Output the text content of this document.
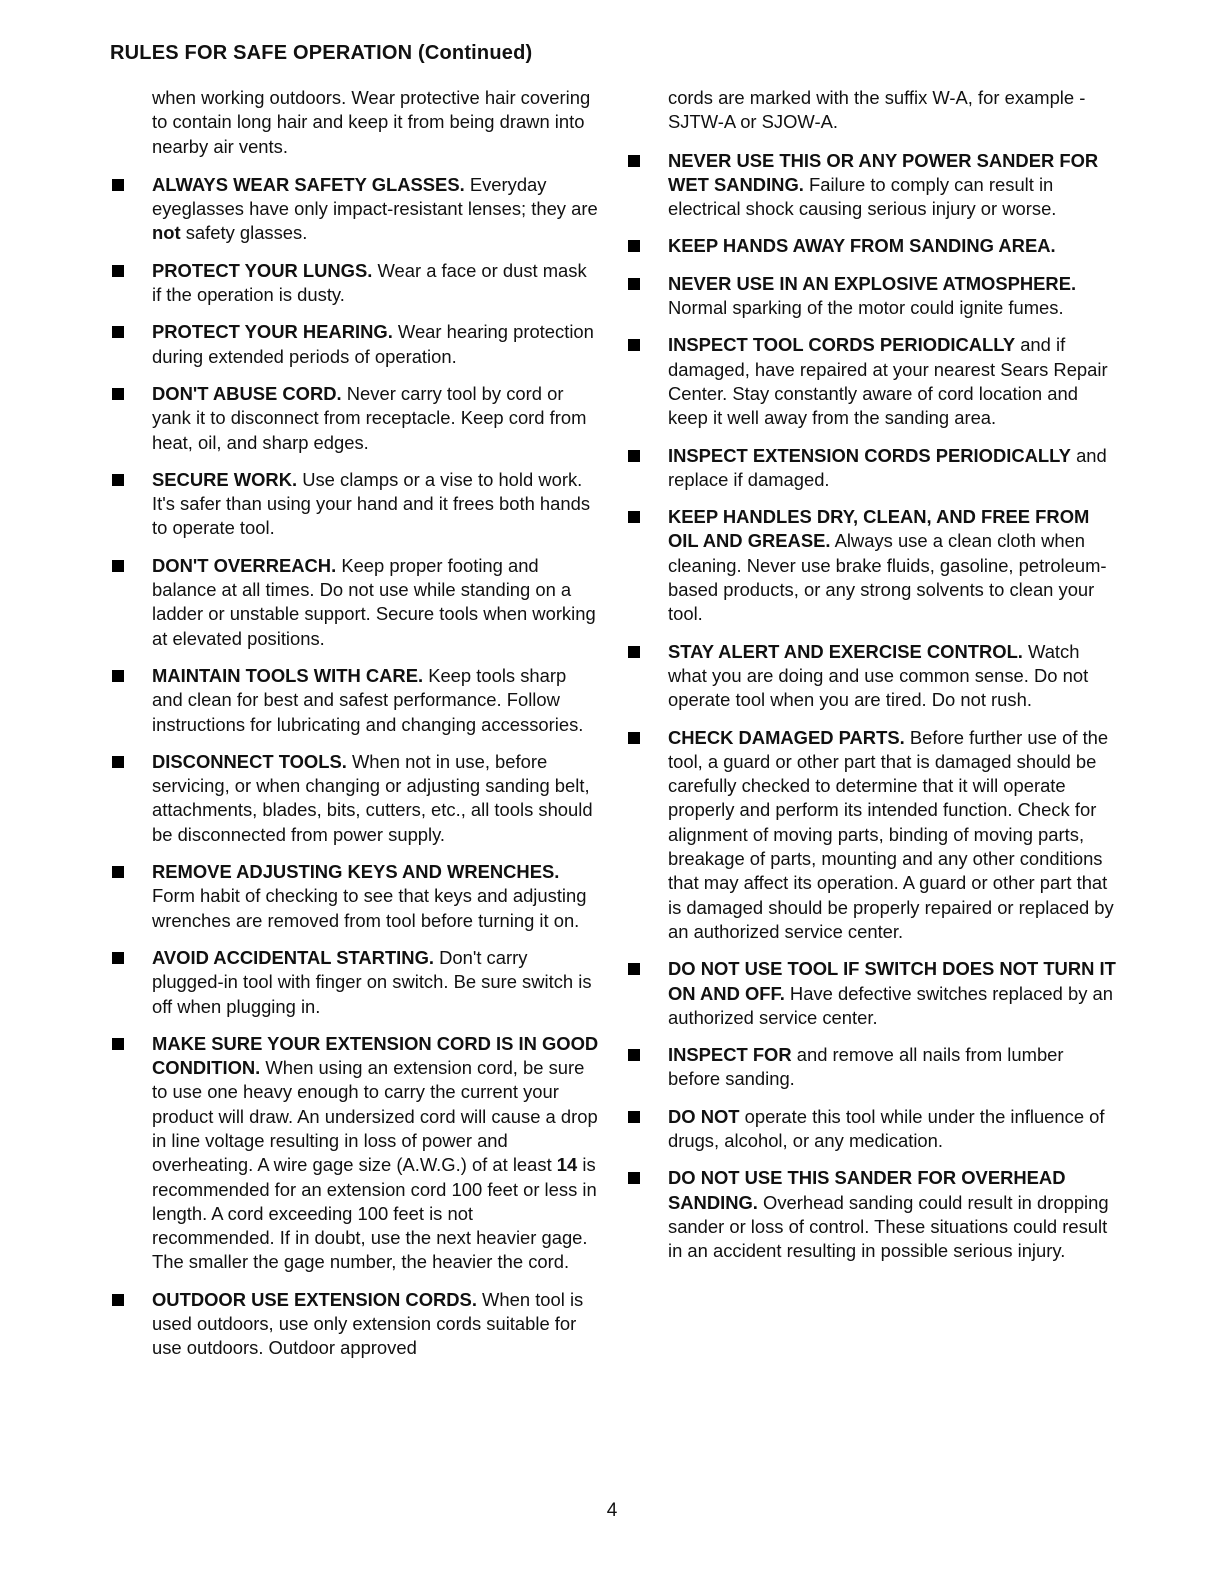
RULES FOR SAFE OPERATION (Continued)
when working outdoors. Wear protective hair covering to contain long hair and keep it from being drawn into nearby air vents.
ALWAYS WEAR SAFETY GLASSES. Everyday eyeglasses have only impact-resistant lenses; they are not safety glasses.
PROTECT YOUR LUNGS. Wear a face or dust mask if the operation is dusty.
PROTECT YOUR HEARING. Wear hearing protection during extended periods of operation.
DON'T ABUSE CORD. Never carry tool by cord or yank it to disconnect from receptacle. Keep cord from heat, oil, and sharp edges.
SECURE WORK. Use clamps or a vise to hold work. It's safer than using your hand and it frees both hands to operate tool.
DON'T OVERREACH. Keep proper footing and balance at all times. Do not use while standing on a ladder or unstable support. Secure tools when working at elevated positions.
MAINTAIN TOOLS WITH CARE. Keep tools sharp and clean for best and safest performance. Follow instructions for lubricating and changing accessories.
DISCONNECT TOOLS. When not in use, before servicing, or when changing or adjusting sanding belt, attachments, blades, bits, cutters, etc., all tools should be disconnected from power supply.
REMOVE ADJUSTING KEYS AND WRENCHES. Form habit of checking to see that keys and adjusting wrenches are removed from tool before turning it on.
AVOID ACCIDENTAL STARTING. Don't carry plugged-in tool with finger on switch. Be sure switch is off when plugging in.
MAKE SURE YOUR EXTENSION CORD IS IN GOOD CONDITION. When using an extension cord, be sure to use one heavy enough to carry the current your product will draw. An undersized cord will cause a drop in line voltage resulting in loss of power and overheating. A wire gage size (A.W.G.) of at least 14 is recommended for an extension cord 100 feet or less in length. A cord exceeding 100 feet is not recommended. If in doubt, use the next heavier gage. The smaller the gage number, the heavier the cord.
OUTDOOR USE EXTENSION CORDS. When tool is used outdoors, use only extension cords suitable for use outdoors. Outdoor approved
cords are marked with the suffix W-A, for example - SJTW-A or SJOW-A.
NEVER USE THIS OR ANY POWER SANDER FOR WET SANDING. Failure to comply can result in electrical shock causing serious injury or worse.
KEEP HANDS AWAY FROM SANDING AREA.
NEVER USE IN AN EXPLOSIVE ATMOSPHERE. Normal sparking of the motor could ignite fumes.
INSPECT TOOL CORDS PERIODICALLY and if damaged, have repaired at your nearest Sears Repair Center. Stay constantly aware of cord location and keep it well away from the sanding area.
INSPECT EXTENSION CORDS PERIODICALLY and replace if damaged.
KEEP HANDLES DRY, CLEAN, AND FREE FROM OIL AND GREASE. Always use a clean cloth when cleaning. Never use brake fluids, gasoline, petroleum-based products, or any strong solvents to clean your tool.
STAY ALERT AND EXERCISE CONTROL. Watch what you are doing and use common sense. Do not operate tool when you are tired. Do not rush.
CHECK DAMAGED PARTS. Before further use of the tool, a guard or other part that is damaged should be carefully checked to determine that it will operate properly and perform its intended function. Check for alignment of moving parts, binding of moving parts, breakage of parts, mounting and any other conditions that may affect its operation. A guard or other part that is damaged should be properly repaired or replaced by an authorized service center.
DO NOT USE TOOL IF SWITCH DOES NOT TURN IT ON AND OFF. Have defective switches replaced by an authorized service center.
INSPECT FOR and remove all nails from lumber before sanding.
DO NOT operate this tool while under the influence of drugs, alcohol, or any medication.
DO NOT USE THIS SANDER FOR OVERHEAD SANDING. Overhead sanding could result in dropping sander or loss of control. These situations could result in an accident resulting in possible serious injury.
4
